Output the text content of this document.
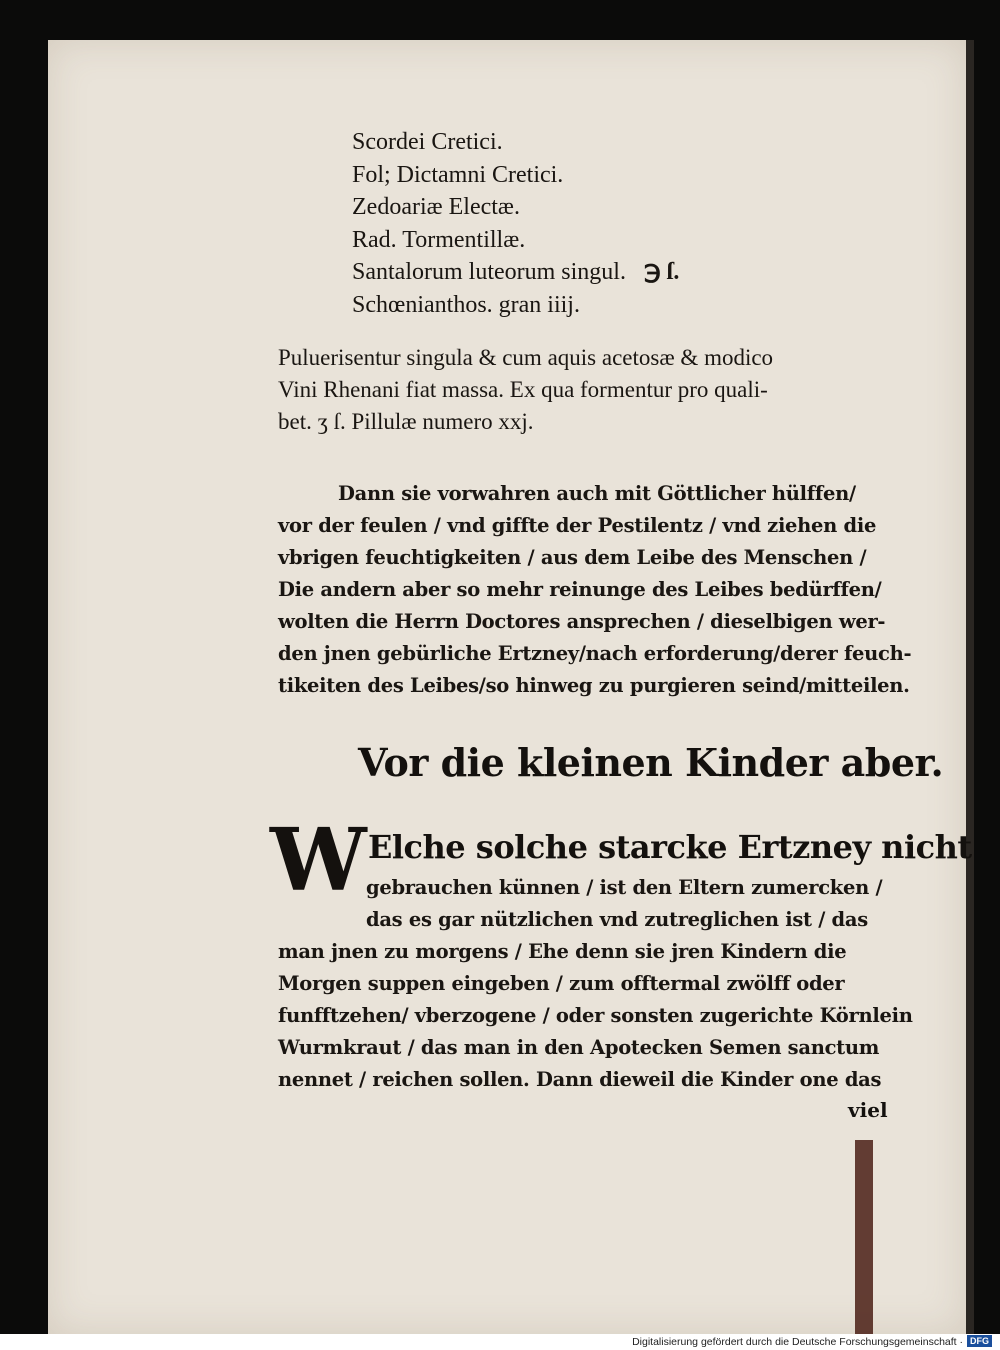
Scordei Cretici.
Fol; Dictamni Cretici.
Zedoariæ Electæ.
Rad. Tormentillæ.
Santalorum luteorum singul. ℈ ſ.
Schœnianthos. gran iiij.
Puluerisentur singula & cum aquis acetosæ & modico
Vini Rhenani fiat massa. Ex qua formentur pro quali-
bet. ʒ ſ. Pillulæ numero xxj.
Dann sie vorwahren auch mit Göttlicher hülffen/
vor der feulen / vnd giffte der Pestilentz / vnd ziehen die
vbrigen feuchtigkeiten / aus dem Leibe des Menschen /
Die andern aber so mehr reinunge des Leibes bedürffen/
wolten die Herrn Doctores ansprechen / dieselbigen wer-
den jnen gebürliche Ertzney/nach erforderung/derer feuch-
tikeiten des Leibes/so hinweg zu purgieren seind/mitteilen.
Vor die kleinen Kinder aber.
W Elche solche starcke Ertzney nicht
gebrauchen künnen / ist den Eltern zumercken /
das es gar nützlichen vnd zutreglichen ist / das
man jnen zu morgens / Ehe denn sie jren Kindern die
Morgen suppen eingeben / zum offtermal zwölff oder
funfftzehen/ vberzogene / oder sonsten zugerichte Körnlein
Wurmkraut / das man in den Apotecken Semen sanctum
nennet / reichen sollen. Dann dieweil die Kinder one das
viel
Digitalisierung gefördert durch die Deutsche Forschungsgemeinschaft · DFG
